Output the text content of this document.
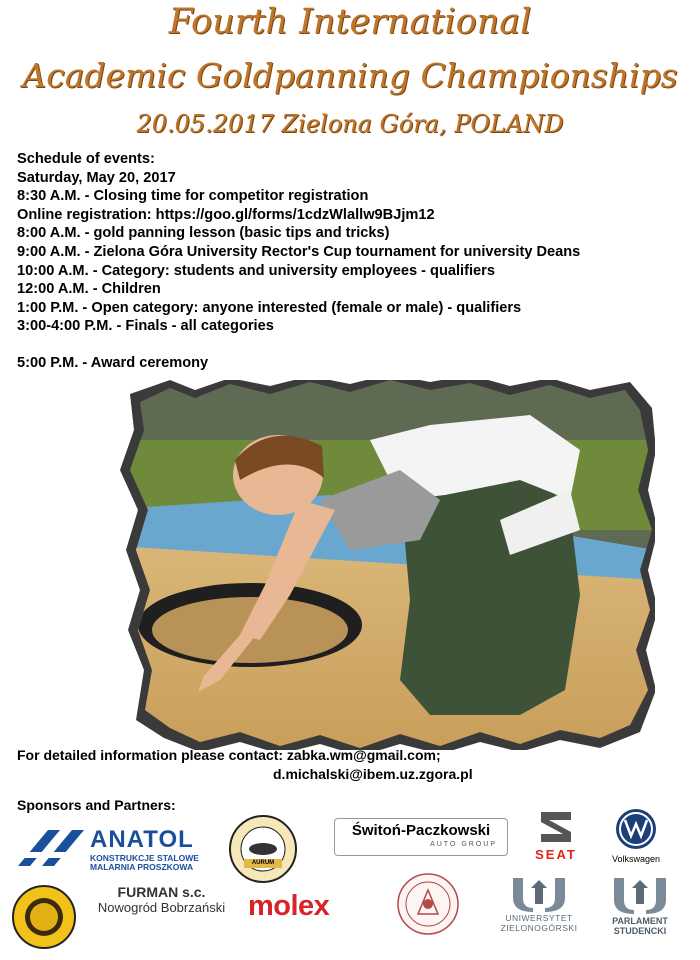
Fourth International
Academic Goldpanning Championships
20.05.2017 Zielona Góra, POLAND
Schedule of events:
Saturday, May 20, 2017
8:30 A.M. - Closing time for competitor registration
Online registration: https://goo.gl/forms/1cdzWlallw9BJjm12
8:00 A.M. - gold panning lesson (basic tips and tricks)
9:00 A.M. - Zielona Góra University Rector's Cup tournament for university Deans
10:00 A.M. - Category: students and university employees - qualifiers
12:00 A.M. - Children
1:00 P.M. - Open category: anyone interested (female or male) - qualifiers
3:00-4:00 P.M. - Finals - all categories
5:00 P.M. - Award ceremony
For detailed information please contact: zabka.wm@gmail.com;
d.michalski@ibem.uz.zgora.pl
Sponsors and Partners:
ANATOL
KONSTRUKCJE STALOWE
MALARNIA PROSZKOWA	AURUM
Świtoń-Paczkowski
AUTO GROUP
SEAT	Volkswagen
FURMAN s.c.
Nowogród Bobrzański molex	UNIWERSYTET
ZIELONOGÓRSKI
PARLAMENT
STUDENCKI
